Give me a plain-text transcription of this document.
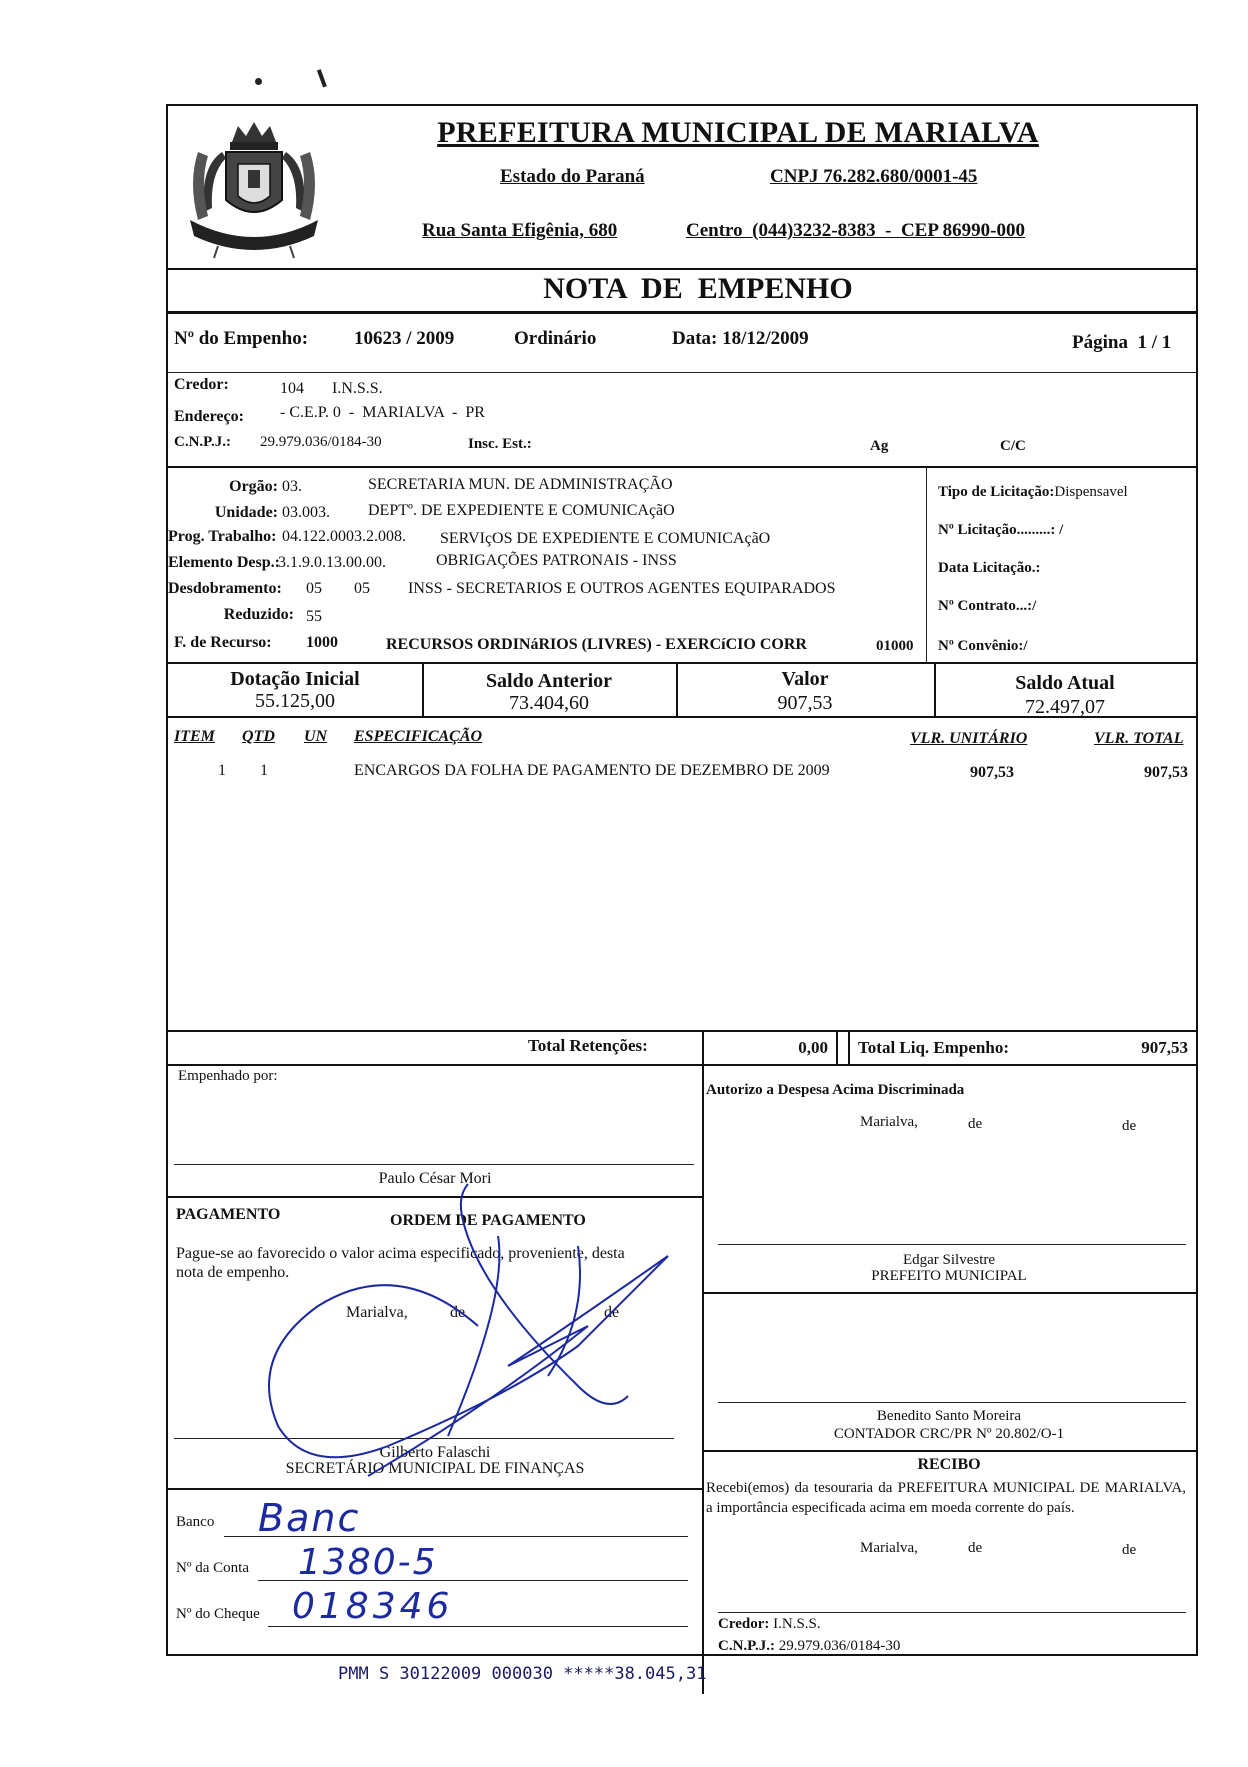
PREFEITURA MUNICIPAL DE MARIALVA
Estado do Paraná	CNPJ 76.282.680/0001-45
Rua Santa Efigênia, 680	Centro  (044)3232-8383  -  CEP 86990-000
NOTA  DE  EMPENHO
Nº do Empenho: 10623 / 2009	Ordinário	Data: 18/12/2009	Página  1 / 1
Credor:	104 I.N.S.S.
Endereço: - C.E.P. 0  -  MARIALVA  -  PR
C.N.P.J.: 29.979.036/0184-30	Insc. Est.:	Ag	C/C
Orgão: 03.	SECRETARIA MUN. DE ADMINISTRAÇÃO
Unidade: 03.003. DEPTº. DE EXPEDIENTE E COMUNICAçãO
Prog. Trabalho: 04.122.0003.2.008. SERVIçOS DE EXPEDIENTE E COMUNICAçãO
Elemento Desp.:
3.1.9.0.13.00.00.	OBRIGAÇÕES PATRONAIS - INSS
Desdobramento: 05 05 INSS - SECRETARIOS E OUTROS AGENTES EQUIPARADOS
Reduzido: 55
F. de Recurso: 1000	RECURSOS ORDINáRIOS (LIVRES) - EXERCíCIO CORR	01000
Tipo de Licitação:Dispensavel
Nº Licitação.........: /
Data Licitação.:
Nº Contrato...:/
Nº Convênio:/
Dotação Inicial
55.125,00
Saldo Anterior
73.404,60
Valor
907,53
Saldo Atual
72.497,07
ITEM QTD UN ESPECIFICAÇÃO	VLR. UNITÁRIO	VLR. TOTAL
1 1	ENCARGOS DA FOLHA DE PAGAMENTO DE DEZEMBRO DE 2009	907,53	907,53
Total Retenções:	0,00 Total Liq. Empenho:	907,53
Empenhado por:
Paulo César Mori
PAGAMENTO	ORDEM DE PAGAMENTO
Pague-se ao favorecido o valor acima especificado, proveniente, desta nota de empenho.
Marialva,	de	de
Gilberto Falaschi
SECRETÁRIO MUNICIPAL DE FINANÇAS
Banco Banc
Nº da Conta 1380-5
Nº do Cheque 018346
Autorizo a Despesa Acima Discriminada
Marialva,	de	de
Edgar Silvestre
PREFEITO MUNICIPAL
Benedito Santo Moreira
CONTADOR CRC/PR Nº 20.802/O-1
RECIBO
Recebi(emos) da tesouraria da PREFEITURA MUNICIPAL DE MARIALVA, a importância especificada acima em moeda corrente do país.
Marialva,	de	de
Credor: I.N.S.S.
C.N.P.J.: 29.979.036/0184-30
PMM S 30122009 000030 *****38.045,31
